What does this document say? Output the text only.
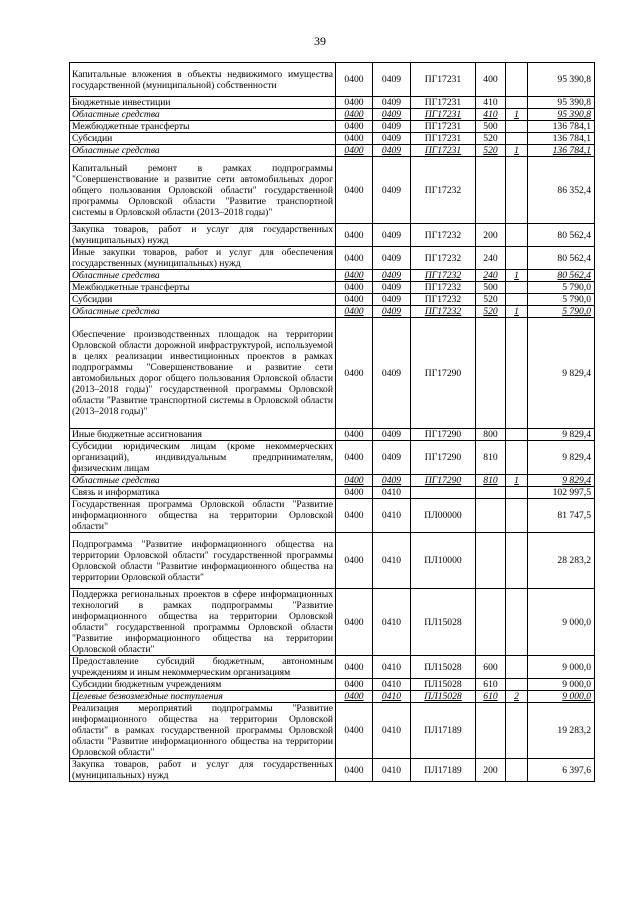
39
Капитальные вложения в объекты недвижимого имущества государственной (муниципальной) собственности	0400	0409	ПГ17231	400		95 390,8
Бюджетные инвестиции	0400	0409	ПГ17231	410		95 390,8
Областные средства	0400	0409	ПГ17231	410	1	95 390,8
Межбюджетные трансферты	0400	0409	ПГ17231	500		136 784,1
Субсидии	0400	0409	ПГ17231	520		136 784,1
Областные средства	0400	0409	ПГ17231	520	1	136 784,1
Капитальный ремонт в рамках подпрограммы "Совершенствование и развитие сети автомобильных дорог общего пользования Орловской области" государственной программы Орловской области "Развитие транспортной системы в Орловской области (2013–2018 годы)"	0400	0409	ПГ17232			86 352,4
Закупка товаров, работ и услуг для государственных (муниципальных) нужд	0400	0409	ПГ17232	200		80 562,4
Иные закупки товаров, работ и услуг для обеспечения государственных (муниципальных) нужд	0400	0409	ПГ17232	240		80 562,4
Областные средства	0400	0409	ПГ17232	240	1	80 562,4
Межбюджетные трансферты	0400	0409	ПГ17232	500		5 790,0
Субсидии	0400	0409	ПГ17232	520		5 790,0
Областные средства	0400	0409	ПГ17232	520	1	5 790,0
Обеспечение производственных площадок на территории Орловской области дорожной инфраструктурой, используемой в целях реализации инвестиционных проектов в рамках подпрограммы "Совершенствование и развитие сети автомобильных дорог общего пользования Орловской области (2013–2018 годы)" государственной программы Орловской области "Развитие транспортной системы в Орловской области (2013–2018 годы)"	0400	0409	ПГ17290			9 829,4
Иные бюджетные ассигнования	0400	0409	ПГ17290	800		9 829,4
Субсидии юридическим лицам (кроме некоммерческих организаций), индивидуальным предпринимателям, физическим лицам	0400	0409	ПГ17290	810		9 829,4
Областные средства	0400	0409	ПГ17290	810	1	9 829,4
Связь и информатика	0400	0410				102 997,5
Государственная программа Орловской области "Развитие информационного общества на территории Орловской области"	0400	0410	ПЛ00000			81 747,5
Подпрограмма "Развитие информационного общества на территории Орловской области" государственной программы Орловской области "Развитие информационного общества на территории Орловской области"	0400	0410	ПЛ10000			28 283,2
Поддержка региональных проектов в сфере информационных технологий в рамках подпрограммы "Развитие информационного общества на территории Орловской области" государственной программы Орловской области "Развитие информационного общества на территории Орловской области"	0400	0410	ПЛ15028			9 000,0
Предоставление субсидий бюджетным, автономным учреждениям и иным некоммерческим организациям	0400	0410	ПЛ15028	600		9 000,0
Субсидии бюджетным учреждениям	0400	0410	ПЛ15028	610		9 000,0
Целевые безвозмездные поступления	0400	0410	ПЛ15028	610	2	9 000,0
Реализация мероприятий подпрограммы "Развитие информационного общества на территории Орловской области" в рамках государственной программы Орловской области "Развитие информационного общества на территории Орловской области"	0400	0410	ПЛ17189			19 283,2
Закупка товаров, работ и услуг для государственных (муниципальных) нужд	0400	0410	ПЛ17189	200		6 397,6
